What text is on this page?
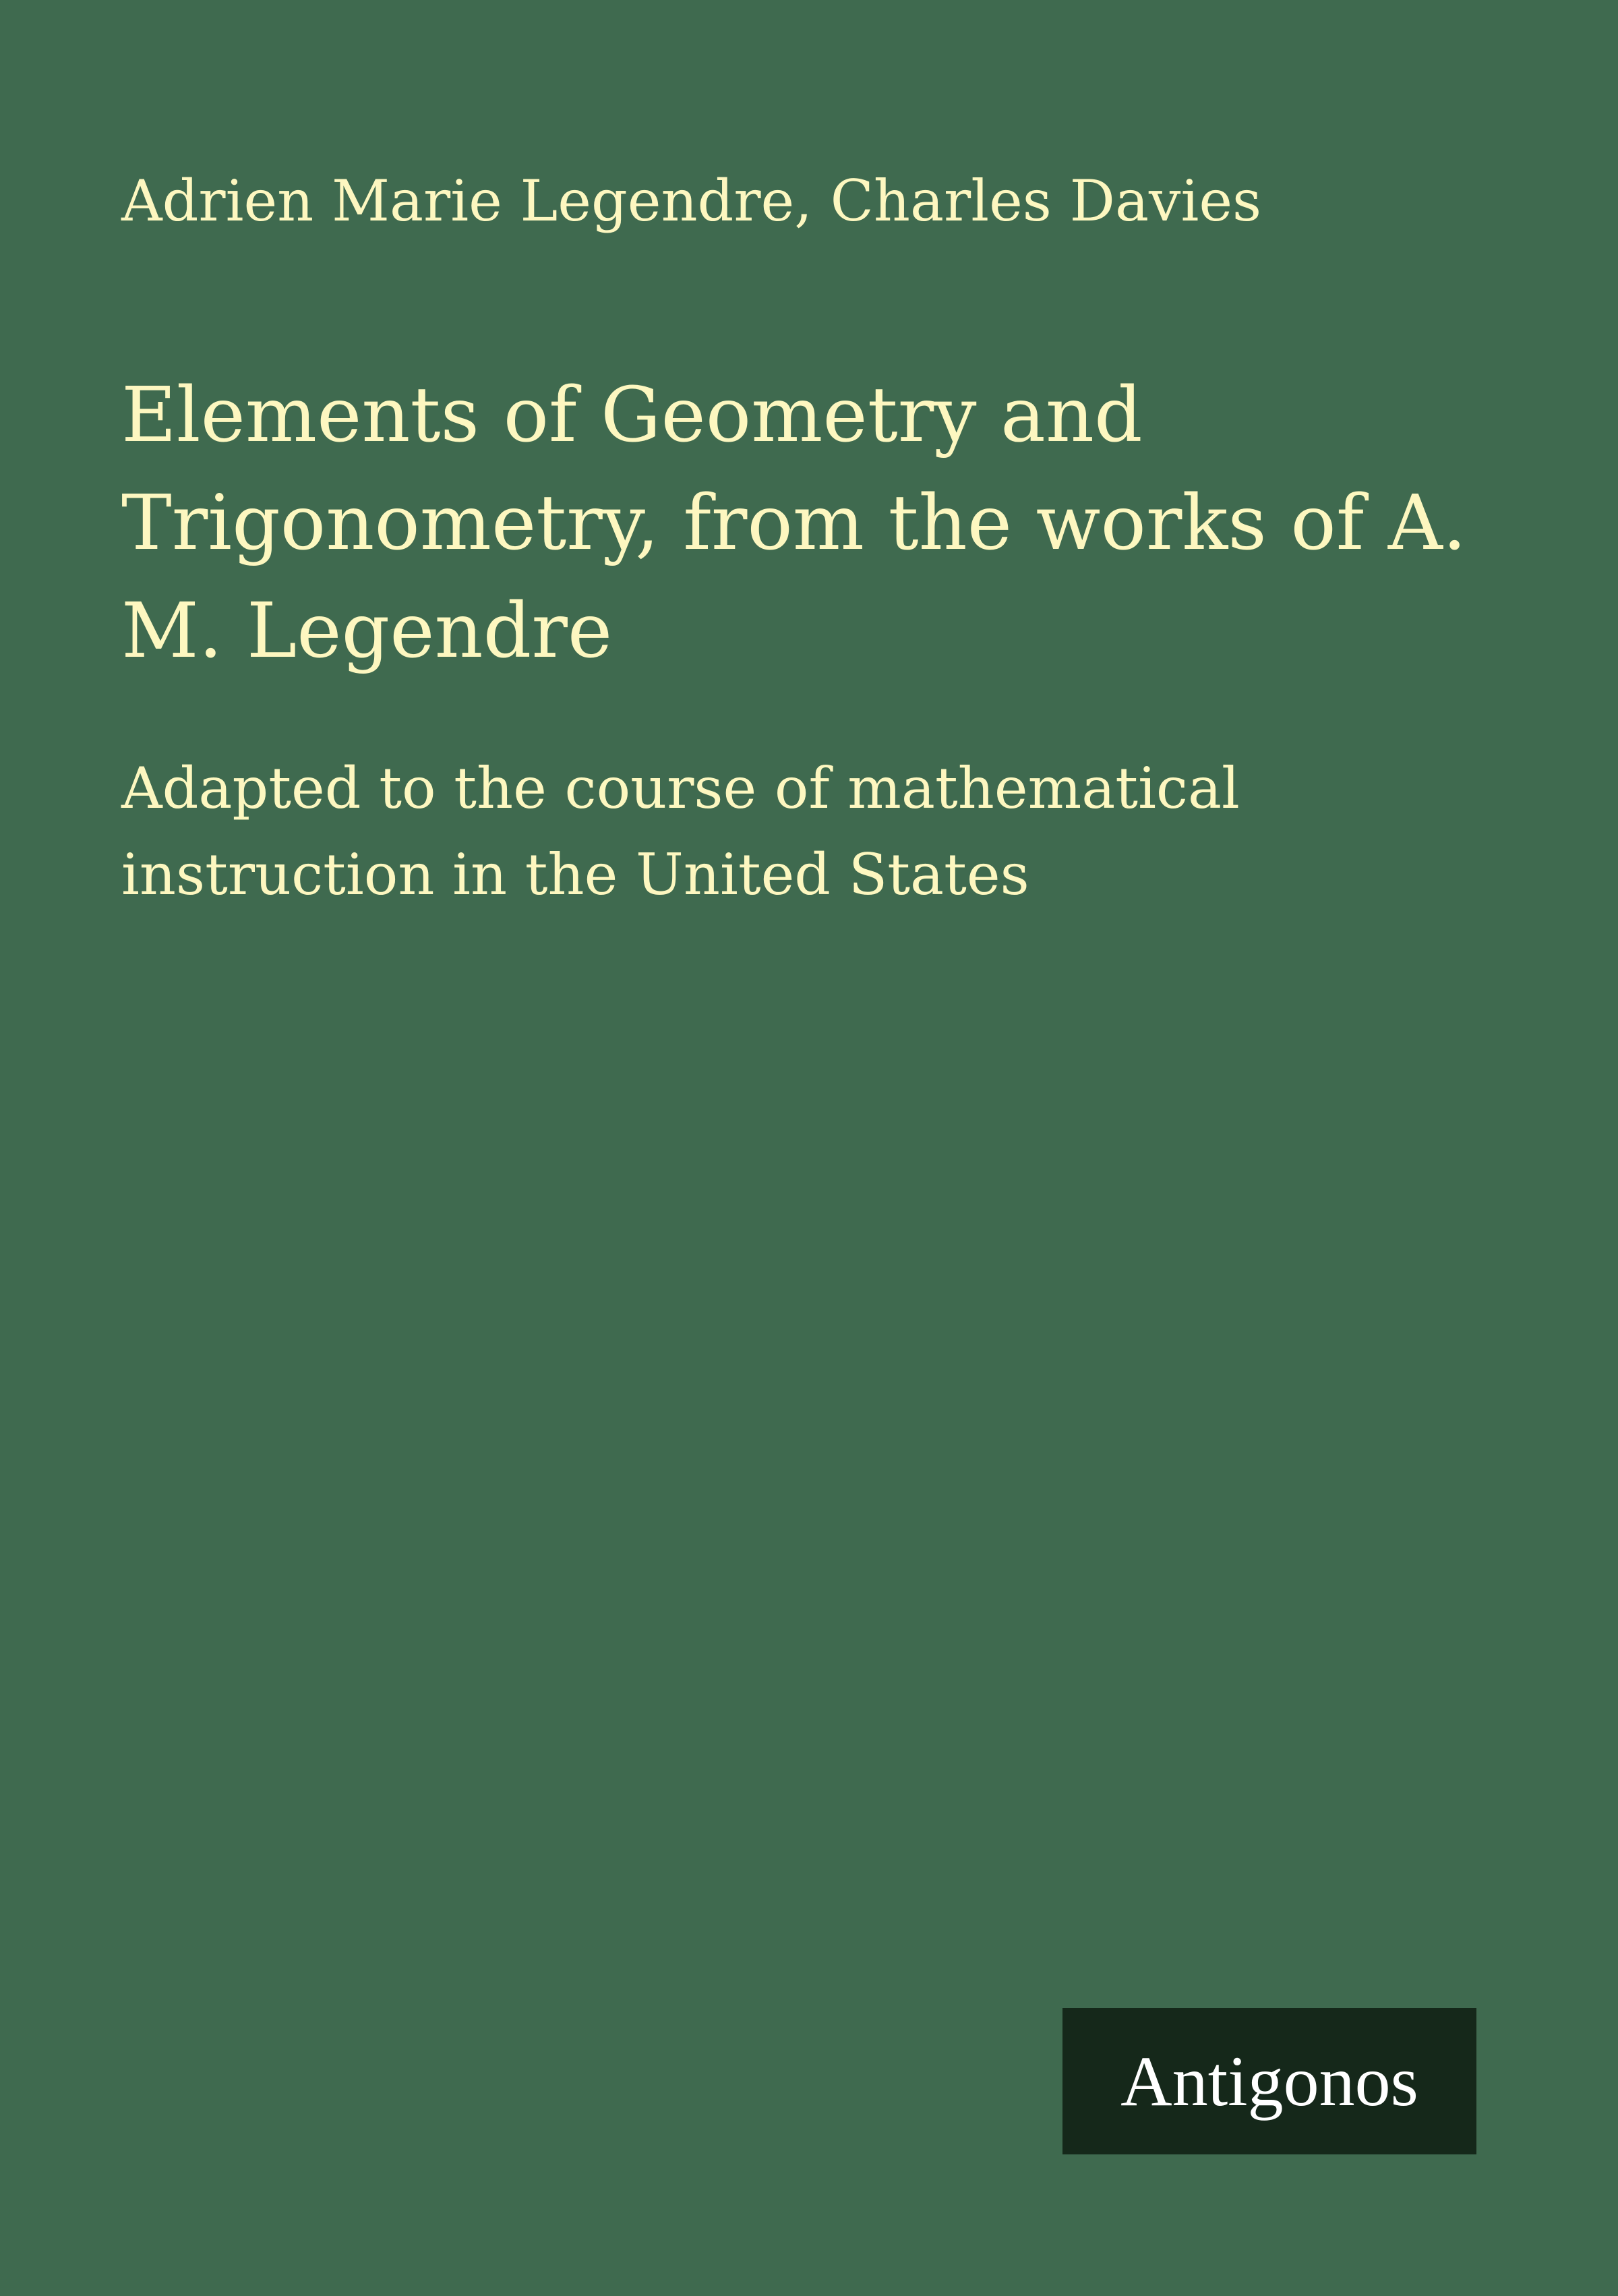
Adrien Marie Legendre, Charles Davies

Elements of Geometry and
Trigonometry, from the works of A.
M. Legendre

Adapted to the course of mathematical
instruction in the United States

Antigonos
